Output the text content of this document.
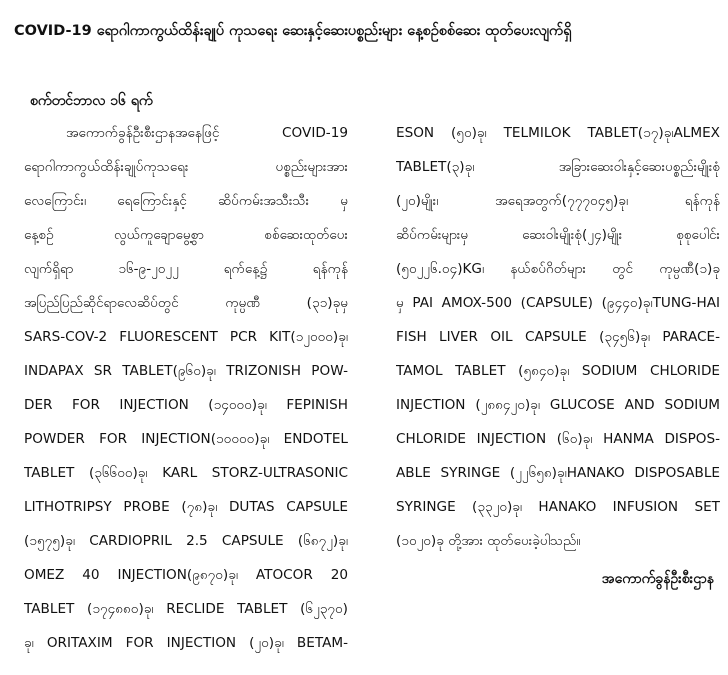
COVID-19 ရောဂါကာကွယ်ထိန်းချုပ် ကုသရေး ဆေးနှင့်ဆေးပစ္စည်းများ နေ့စဉ်စစ်ဆေး ထုတ်ပေးလျက်ရှိ
စက်တင်ဘာလ ၁၆ ရက်
အကောက်ခွန်ဦးစီးဌာနအနေဖြင့် COVID-19
ရောဂါကာကွယ်ထိန်းချုပ်ကုသရေး ပစ္စည်းများအား
လေကြောင်း၊ ရေကြောင်းနှင့် ဆိပ်ကမ်းအသီးသီး မှ
နေ့စဉ် လွယ်ကူချောမွေ့စွာ စစ်ဆေးထုတ်ပေး
လျက်ရှိရာ ၁၆-၉-၂၀၂၂ ရက်နေ့၌ ရန်ကုန်
အပြည်ပြည်ဆိုင်ရာလေဆိပ်တွင် ကုမ္ပဏီ (၃၁)ခုမှ
SARS-COV-2 FLUORESCENT PCR KIT(၁၂၀၀၀)ခု၊
INDAPAX SR TABLET(၉၆၀)ခု၊ TRIZONISH POW-
DER FOR INJECTION (၁၄၀၀၀)ခု၊ FEPINISH
POWDER FOR INJECTION(၁၀၀၀၀)ခု၊ ENDOTEL
TABLET (၃၆၆၀၀)ခု၊ KARL STORZ-ULTRASONIC
LITHOTRIPSY PROBE (၇၈)ခု၊ DUTAS CAPSULE
(၁၅၇၅)ခု၊ CARDIOPRIL 2.5 CAPSULE (၆၈၇၂)ခု၊
OMEZ 40 INJECTION(၉၈၇၀)ခု၊ ATOCOR 20
TABLET (၁၇၄၈၈၀)ခု၊ RECLIDE TABLET (၆၂၃၇၀)
ခု၊ ORITAXIM FOR INJECTION (၂၀)ခု၊ BETAM-
ESON (၅၀)ခု၊ TELMILOK TABLET(၁၇)ခု၊ALMEX
TABLET(၃)ခု၊ အခြားဆေးဝါးနှင့်ဆေးပစ္စည်းမျိုးစုံ
(၂၀)မျိုး၊ အရေအတွက်(၇၇၇၀၄၅)ခု၊ ရန်ကုန်
ဆိပ်ကမ်းများမှ ဆေးဝါးမျိုးစုံ(၂၄)မျိုး စုစုပေါင်း
(၅၀၂၂၆.၀၄)KG၊ နယ်စပ်ဂိတ်များ တွင် ကုမ္ပဏီ(၁)ခု
မှ PAI AMOX-500 (CAPSULE) (၉၄၄၀)ခု၊TUNG-HAI
FISH LIVER OIL CAPSULE (၃၄၅၆)ခု၊ PARACE-
TAMOL TABLET (၅၈၄၀)ခု၊ SODIUM CHLORIDE
INJECTION (၂၈၈၄၂၀)ခု၊ GLUCOSE AND SODIUM
CHLORIDE INJECTION (၆၀)ခု၊ HANMA DISPOS-
ABLE SYRINGE (၂၂၆၅၈)ခု၊HANAKO DISPOSABLE
SYRINGE (၃၃၂၀)ခု၊ HANAKO INFUSION SET
(၁၀၂၀)ခု တို့အား ထုတ်ပေးခဲ့ပါသည်။
အကောက်ခွန်ဦးစီးဌာန
